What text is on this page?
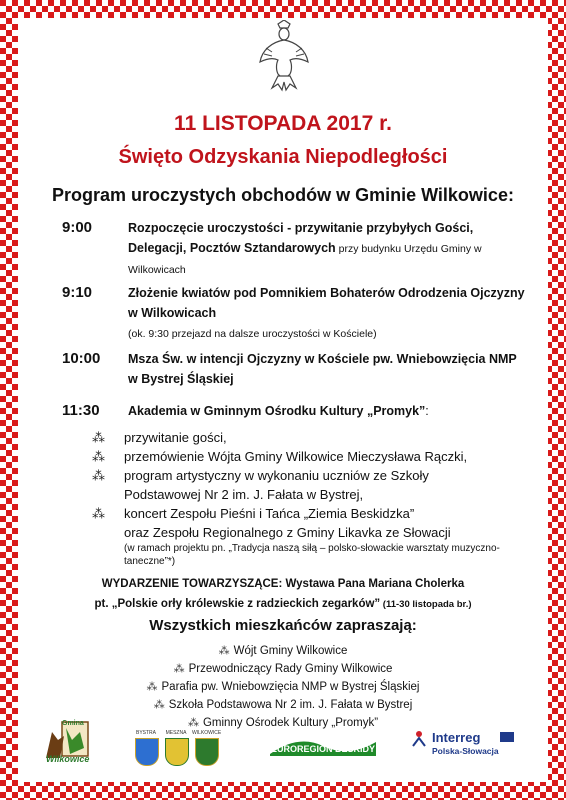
11 LISTOPADA 2017 r.
Święto Odzyskania Niepodległości
Program uroczystych obchodów w Gminie Wilkowice:
9:00	Rozpoczęcie uroczystości - przywitanie przybyłych Gości, Delegacji, Pocztów Sztandarowych przy budynku Urzędu Gminy w Wilkowicach
9:10	Złożenie kwiatów pod Pomnikiem Bohaterów Odrodzenia Ojczyzny w Wilkowicach
(ok. 9:30 przejazd na dalsze uroczystości w Kościele)
10:00 Msza Św. w intencji Ojczyzny w Kościele pw. Wniebowzięcia NMP w Bystrej Śląskiej
11:30 Akademia w Gminnym Ośrodku Kultury „Promyk”:
⁂ przywitanie gości,
⁂ przemówienie Wójta Gminy Wilkowice Mieczysława Rączki,
⁂ program artystyczny w wykonaniu uczniów ze Szkoły
Podstawowej Nr 2 im. J. Fałata w Bystrej,
⁂ koncert Zespołu Pieśni i Tańca „Ziemia Beskidzka”
oraz Zespołu Regionalnego z Gminy Likavka ze Słowacji
(w ramach projektu pn. „Tradycja naszą siłą – polsko-słowackie warsztaty muzyczno-taneczne”*)
WYDARZENIE TOWARZYSZĄCE: Wystawa Pana Mariana Cholerka
pt. „Polskie orły królewskie z radzieckich zegarków” (11-30 listopada br.)
Wszystkich mieszkańców zapraszają:
⁂ Wójt Gminy Wilkowice
⁂ Przewodniczący Rady Gminy Wilkowice
⁂ Parafia pw. Wniebowzięcia NMP w Bystrej Śląskiej
⁂ Szkoła Podstawowa Nr 2 im. J. Fałata w Bystrej
⁂ Gminny Ośrodek Kultury „Promyk”
Gmina
Wilkowice
BYSTRA	MESZNA	WILKOWICE
EUROREGION BESKIDY
Interreg
Polska-Słowacja
